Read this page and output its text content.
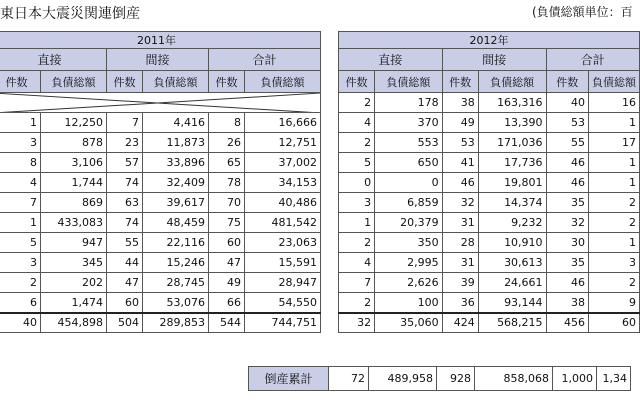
東日本大震災関連倒産	(負債総額単位：百
2011年					
直接		間接		合計	
件数	負債総額	件数	負債総額	件数	負債総額

1	12,250	7	4,416	8	16,666
3	878	23	11,873	26	12,751
8	3,106	57	33,896	65	37,002
4	1,744	74	32,409	78	34,153
7	869	63	39,617	70	40,486
1	433,083	74	48,459	75	481,542
5	947	55	22,116	60	23,063
3	345	44	15,246	47	15,591
2	202	47	28,745	49	28,947
6	1,474	60	53,076	66	54,550
40	454,898	504	289,853	544	744,751
2012年					
直接		間接		合計	
件数	負債総額	件数	負債総額	件数	負債総額
2	178	38	163,316	40	16
4	370	49	13,390	53	1
2	553	53	171,036	55	17
5	650	41	17,736	46	1
0	0	46	19,801	46	1
3	6,859	32	14,374	35	2
1	20,379	31	9,232	32	2
2	350	28	10,910	30	1
4	2,995	31	30,613	35	3
7	2,626	39	24,661	46	2
2	100	36	93,144	38	9
32	35,060	424	568,215	456	60
倒産累計	72	489,958	928	858,068	1,000	1,34
